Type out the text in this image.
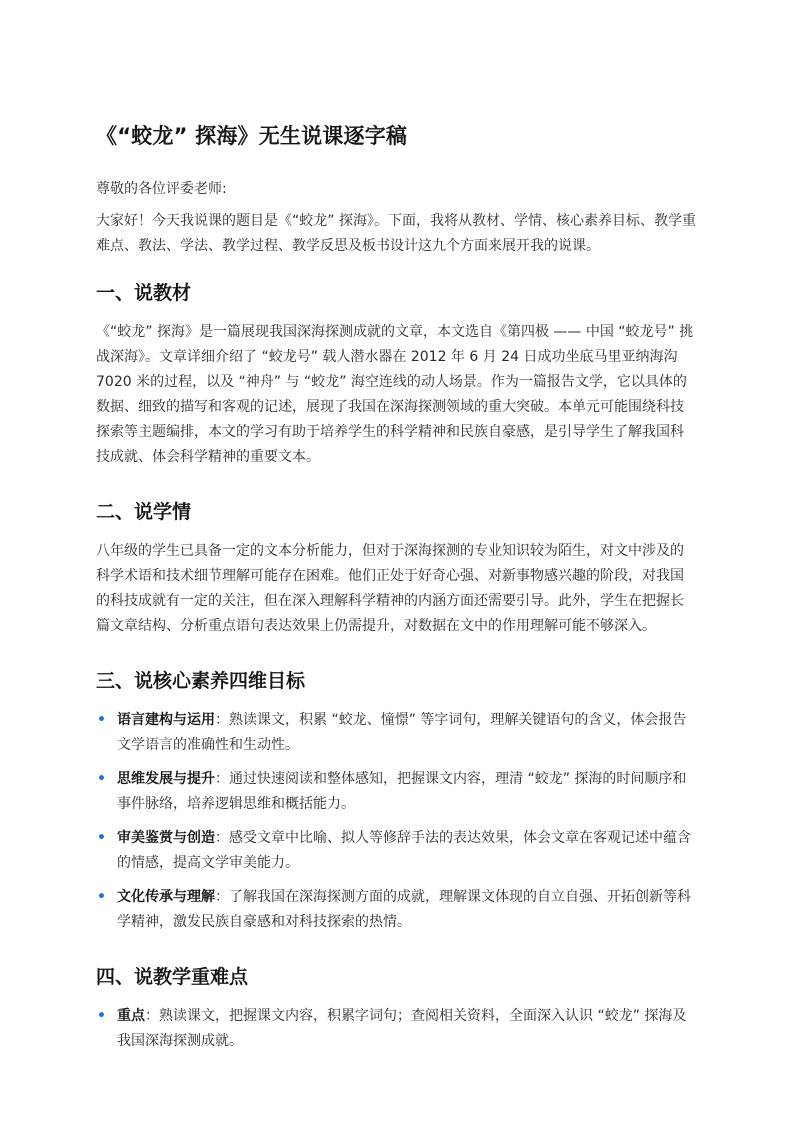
《“蛟龙” 探海》无生说课逐字稿

尊敬的各位评委老师:

大家好！今天我说课的题目是《“蛟龙” 探海》。下面，我将从教材、学情、核心素养目标、教学重难点、教法、学法、教学过程、教学反思及板书设计这九个方面来展开我的说课。

一、说教材

《“蛟龙” 探海》是一篇展现我国深海探测成就的文章，本文选自《第四极 —— 中国 “蛟龙号” 挑战深海》。文章详细介绍了 “蛟龙号” 载人潜水器在 2012 年 6 月 24 日成功坐底马里亚纳海沟 7020 米的过程，以及 “神舟” 与 “蛟龙” 海空连线的动人场景。作为一篇报告文学，它以具体的数据、细致的描写和客观的记述，展现了我国在深海探测领域的重大突破。本单元可能围绕科技探索等主题编排，本文的学习有助于培养学生的科学精神和民族自豪感，是引导学生了解我国科技成就、体会科学精神的重要文本。

二、说学情

八年级的学生已具备一定的文本分析能力，但对于深海探测的专业知识较为陌生，对文中涉及的科学术语和技术细节理解可能存在困难。他们正处于好奇心强、对新事物感兴趣的阶段，对我国的科技成就有一定的关注，但在深入理解科学精神的内涵方面还需要引导。此外，学生在把握长篇文章结构、分析重点语句表达效果上仍需提升，对数据在文中的作用理解可能不够深入。

三、说核心素养四维目标
• 语言建构与运用：熟读课文，积累 “蛟龙、憧憬” 等字词句，理解关键语句的含义，体会报告文学语言的准确性和生动性。
• 思维发展与提升：通过快速阅读和整体感知，把握课文内容，理清 “蛟龙” 探海的时间顺序和事件脉络，培养逻辑思维和概括能力。
• 审美鉴赏与创造：感受文章中比喻、拟人等修辞手法的表达效果，体会文章在客观记述中蕴含的情感，提高文学审美能力。
• 文化传承与理解：了解我国在深海探测方面的成就，理解课文体现的自立自强、开拓创新等科学精神，激发民族自豪感和对科技探索的热情。
四、说教学重难点
• 重点：熟读课文，把握课文内容，积累字词句；查阅相关资料，全面深入认识 “蛟龙” 探海及我国深海探测成就。
